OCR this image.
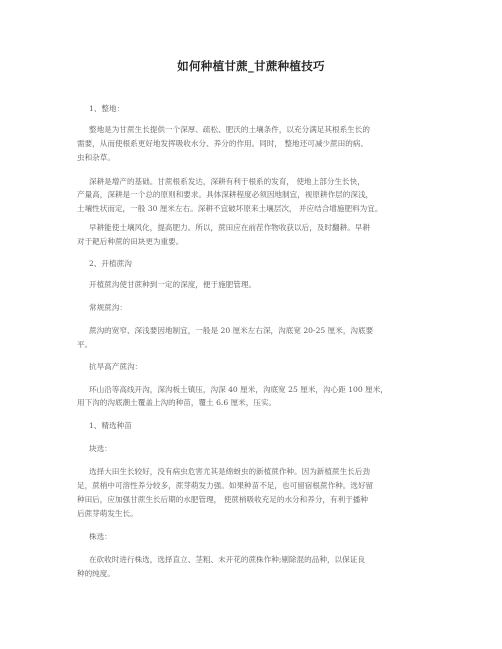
如何种植甘蔗_甘蔗种植技巧
1、整地：
整地是为甘蔗生长提供一个深厚、疏松、肥沃的土壤条件，以充分满足其根系生长的
需要，从而使根系更好地发挥吸收水分、养分的作用。同时， 整地还可减少蔗田的病、
虫和杂草。
深耕是增产的基础。甘蔗根系发达，深耕有利于根系的发育， 使地上部分生长快，
产量高，深耕是一个总的原则和要求。具体深耕程度必须因地制宜，视原耕作层的深浅，
土壤性状而定，一般 30 厘米左右。深耕不宜破坏原来土壤层次， 并应结合增施肥料为宜。
早耕能使土壤风化，提高肥力。所以，蔗田应在前茬作物收获以后，及时翻耕。早耕
对于耙后种蔗的田块更为重要。
2、开植蔗沟
开植蔗沟使甘蔗种到一定的深度，便于施肥管理。
常规蔗沟：
蔗沟的宽窄、深浅要因地制宜，一般是 20 厘米左右深，沟底宽 20-25 厘米，沟底要
平。
抗旱高产蔗沟：
环山沿等高线开沟，深沟板土镇压，沟深 40 厘米，沟底宽 25 厘米，沟心距 100 厘米，
用下沟的沟底潮土覆盖上沟的种苗，覆土 6.6 厘米，压实。
1、精选种苗
块选：
选择大田生长较好，没有病虫危害尤其是绵蚜虫的新植蔗作种。因为新植蔗生长后劲
足，蔗梢中可溶性养分较多，蔗芽萌发力强。如果种苗不足，也可留宿根蔗作种。选好留
种田后，应加强甘蔗生长后期的水肥管理， 使蔗梢吸收充足的水分和养分，有利于播种
后蔗芽萌发生长。
株选：
在砍收时进行株选，选择直立、茎粗、未开花的蔗株作种;剔除混的品种，以保证良
种的纯度。
